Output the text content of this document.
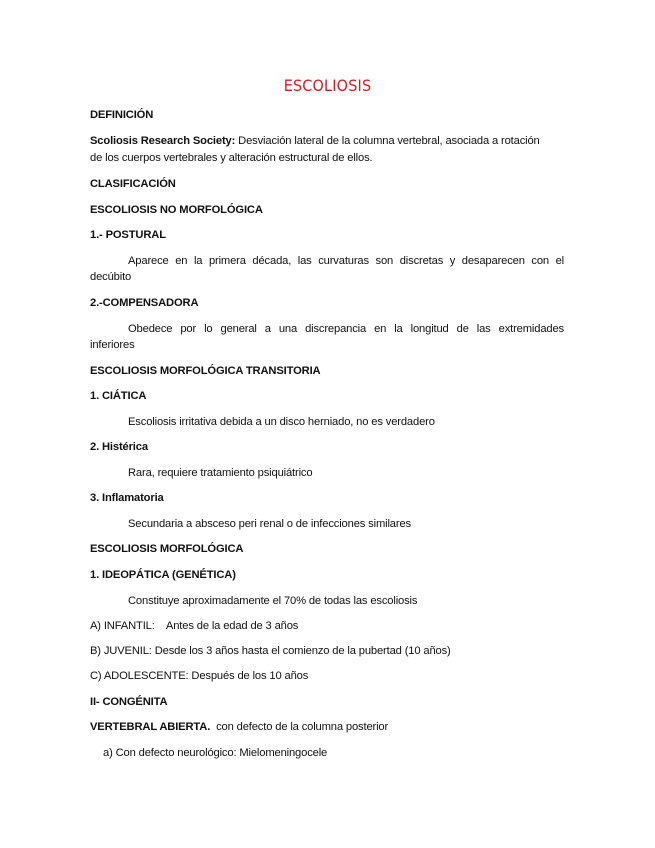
ESCOLIOSIS
DEFINICIÓN
Scoliosis Research Society: Desviación lateral de la columna vertebral, asociada a rotación
de los cuerpos vertebrales y alteración estructural de ellos.
CLASIFICACIÓN
ESCOLIOSIS NO MORFOLÓGICA
1.- POSTURAL
Aparece en la primera década, las curvaturas son discretas y desaparecen con el
decúbito
2.-COMPENSADORA
Obedece por lo general a una discrepancia en la longitud de las extremidades
inferiores
ESCOLIOSIS MORFOLÓGICA TRANSITORIA
1. CIÁTICA
Escoliosis irritativa debida a un disco herniado, no es verdadero
2. Histérica
Rara, requiere tratamiento psiquiátrico
3. Inflamatoria
Secundaria a absceso peri renal o de infecciones similares
ESCOLIOSIS MORFOLÓGICA
1. IDEOPÁTICA (GENÉTICA)
Constituye aproximadamente el 70% de todas las escoliosis
A) INFANTIL:    Antes de la edad de 3 años
B) JUVENIL: Desde los 3 años hasta el comienzo de la pubertad (10 años)
C) ADOLESCENTE: Después de los 10 años
II- CONGÉNITA
VERTEBRAL ABIERTA.  con defecto de la columna posterior
a) Con defecto neurológico: Mielomeningocele
